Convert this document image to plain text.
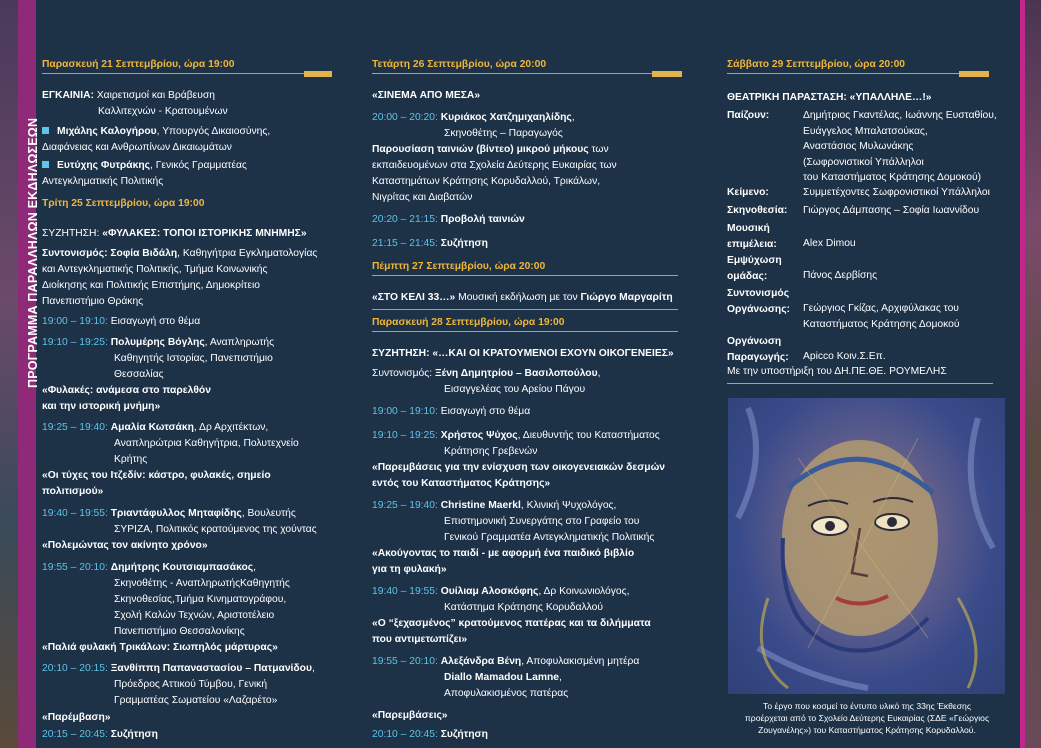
ΠΡΟΓΡΑΜΜΑ ΠΑΡΑΛΛΗΛΩΝ ΕΚΔΗΛΩΣΕΩΝ
Παρασκευή 21 Σεπτεμβρίου, ώρα 19:00
ΕΓΚΑΙΝΙΑ: Χαιρετισμοί και Βράβευση
Καλλιτεχνών - Κρατουμένων
Μιχάλης Καλογήρου, Υπουργός Δικαιοσύνης,
Διαφάνειας και Ανθρωπίνων Δικαιωμάτων
Ευτύχης Φυτράκης, Γενικός Γραμματέας
Αντεγκληματικής Πολιτικής
Τρίτη 25 Σεπτεμβρίου, ώρα 19:00
ΣΥΖΗΤΗΣΗ: «ΦΥΛΑΚΕΣ: ΤΟΠΟΙ ΙΣΤΟΡΙΚΗΣ ΜΝΗΜΗΣ»
Συντονισμός: Σοφία Βιδάλη, Καθηγήτρια Εγκληματολογίας
και Αντεγκληματικής Πολιτικής, Τμήμα Κοινωνικής
Διοίκησης και Πολιτικής Επιστήμης, Δημοκρίτειο
Πανεπιστήμιο Θράκης
19:00 – 19:10: Εισαγωγή στο θέμα
19:10 – 19:25: Πολυμέρης Βόγλης, Αναπληρωτής
Καθηγητής Ιστορίας, Πανεπιστήμιο
Θεσσαλίας
«Φυλακές: ανάμεσα στο παρελθόν
και την ιστορική μνήμη»
19:25 – 19:40: Αμαλία Κωτσάκη, Δρ Αρχιτέκτων,
Αναπληρώτρια Καθηγήτρια, Πολυτεχνείο
Κρήτης
«Οι τύχες του Ιτζεδίν: κάστρο, φυλακές, σημείο
πολιτισμού»
19:40 – 19:55: Τριαντάφυλλος Μηταφίδης, Βουλευτής
ΣΥΡΙΖΑ, Πολιτικός κρατούμενος της χούντας
«Πολεμώντας τον ακίνητο χρόνο»
19:55 – 20:10: Δημήτρης Κουτσιαμπασάκος,
Σκηνοθέτης - ΑναπληρωτήςΚαθηγητής
Σκηνοθεσίας,Τμήμα Κινηματογράφου,
Σχολή Καλών Τεχνών, Αριστοτέλειο
Πανεπιστήμιο Θεσσαλονίκης
«Παλιά φυλακή Τρικάλων: Σιωπηλός μάρτυρας»
20:10 – 20:15: Ξανθίππη Παπαναστασίου – Πατμανίδου,
Πρόεδρος Αττικού Τύμβου, Γενική
Γραμματέας Σωματείου «Λαζαρέτο»
«Παρέμβαση»
20:15 – 20:45: Συζήτηση
Τετάρτη 26 Σεπτεμβρίου, ώρα 20:00
«ΣΙΝΕΜΑ ΑΠΟ ΜΕΣΑ»
20:00 – 20:20: Κυριάκος Χατζημιχαηλίδης,
Σκηνοθέτης – Παραγωγός
Παρουσίαση ταινιών (βίντεο) μικρού μήκους των
εκπαιδευομένων στα Σχολεία Δεύτερης Ευκαιρίας των
Καταστημάτων Κράτησης Κορυδαλλού, Τρικάλων,
Νιγρίτας και Διαβατών
20:20 – 21:15: Προβολή ταινιών
21:15 – 21:45: Συζήτηση
Πέμπτη 27 Σεπτεμβρίου, ώρα 20:00
«ΣΤΟ ΚΕΛΙ 33…» Μουσική εκδήλωση με τον Γιώργο Μαργαρίτη
Παρασκευή 28 Σεπτεμβρίου, ώρα 19:00
ΣΥΖΗΤΗΣΗ: «…ΚΑΙ ΟΙ ΚΡΑΤΟΥΜΕΝΟΙ ΕΧΟΥΝ ΟΙΚΟΓΕΝΕΙΕΣ»
Συντονισμός: Ξένη Δημητρίου – Βασιλοπούλου,
Εισαγγελέας του Αρείου Πάγου
19:00 – 19:10: Εισαγωγή στο θέμα
19:10 – 19:25: Χρήστος Ψύχος, Διευθυντής του Καταστήματος
Κράτησης Γρεβενών
«Παρεμβάσεις για την ενίσχυση των οικογενειακών δεσμών
εντός του Καταστήματος Κράτησης»
19:25 – 19:40: Christine Maerkl, Κλινική Ψυχολόγος,
Επιστημονική Συνεργάτης στο Γραφείο του
Γενικού Γραμματέα Αντεγκληματικής Πολιτικής
«Ακούγοντας το παιδί - με αφορμή ένα παιδικό βιβλίο
για τη φυλακή»
19:40 – 19:55: Ουίλιαμ Αλοσκόφης, Δρ Κοινωνιολόγος,
Κατάστημα Κράτησης Κορυδαλλού
«Ο “ξεχασμένος” κρατούμενος πατέρας και τα διλήμματα
που αντιμετωπίζει»
19:55 – 20:10: Αλεξάνδρα Βένη, Αποφυλακισμένη μητέρα
Diallo Mamadou Lamne,
Αποφυλακισμένος πατέρας
«Παρεμβάσεις»
20:10 – 20:45: Συζήτηση
Σάββατο 29 Σεπτεμβρίου, ώρα 20:00
ΘΕΑΤΡΙΚΗ ΠΑΡΑΣΤΑΣΗ: «ΥΠΑΛΛΗΛΕ…!»
Παίζουν:	Δημήτριος Γκαντέλας, Ιωάννης Ευσταθίου,
Ευάγγελος Μπαλατσούκας,
Αναστάσιος Μυλωνάκης
(Σωφρονιστικοί Υπάλληλοι
του Καταστήματος Κράτησης Δομοκού)
Κείμενο:	Συμμετέχοντες Σωφρονιστικοί Υπάλληλοι
Σκηνοθεσία:	Γιώργος Δάμπασης – Σοφία Ιωαννίδου
Μουσική
επιμέλεια:	Alex Dimou
Εμψύχωση
ομάδας:	Πάνος Δερβίσης
Συντονισμός
Οργάνωσης:	Γεώργιος Γκίζας, Αρχιφύλακας του
Καταστήματος Κράτησης Δομοκού
Οργάνωση
Παραγωγής:	Apicco Κοιν.Σ.Επ.
Με την υποστήριξη του ΔΗ.ΠΕ.ΘΕ. ΡΟΥΜΕΛΗΣ
Το έργο που κοσμεί το έντυπο υλικό της 33ης Έκθεσης
προέρχεται από το Σχολείο Δεύτερης Ευκαιρίας (ΣΔΕ «Γεώργιος
Ζουγανέλης») του Καταστήματος Κράτησης Κορυδαλλού.
